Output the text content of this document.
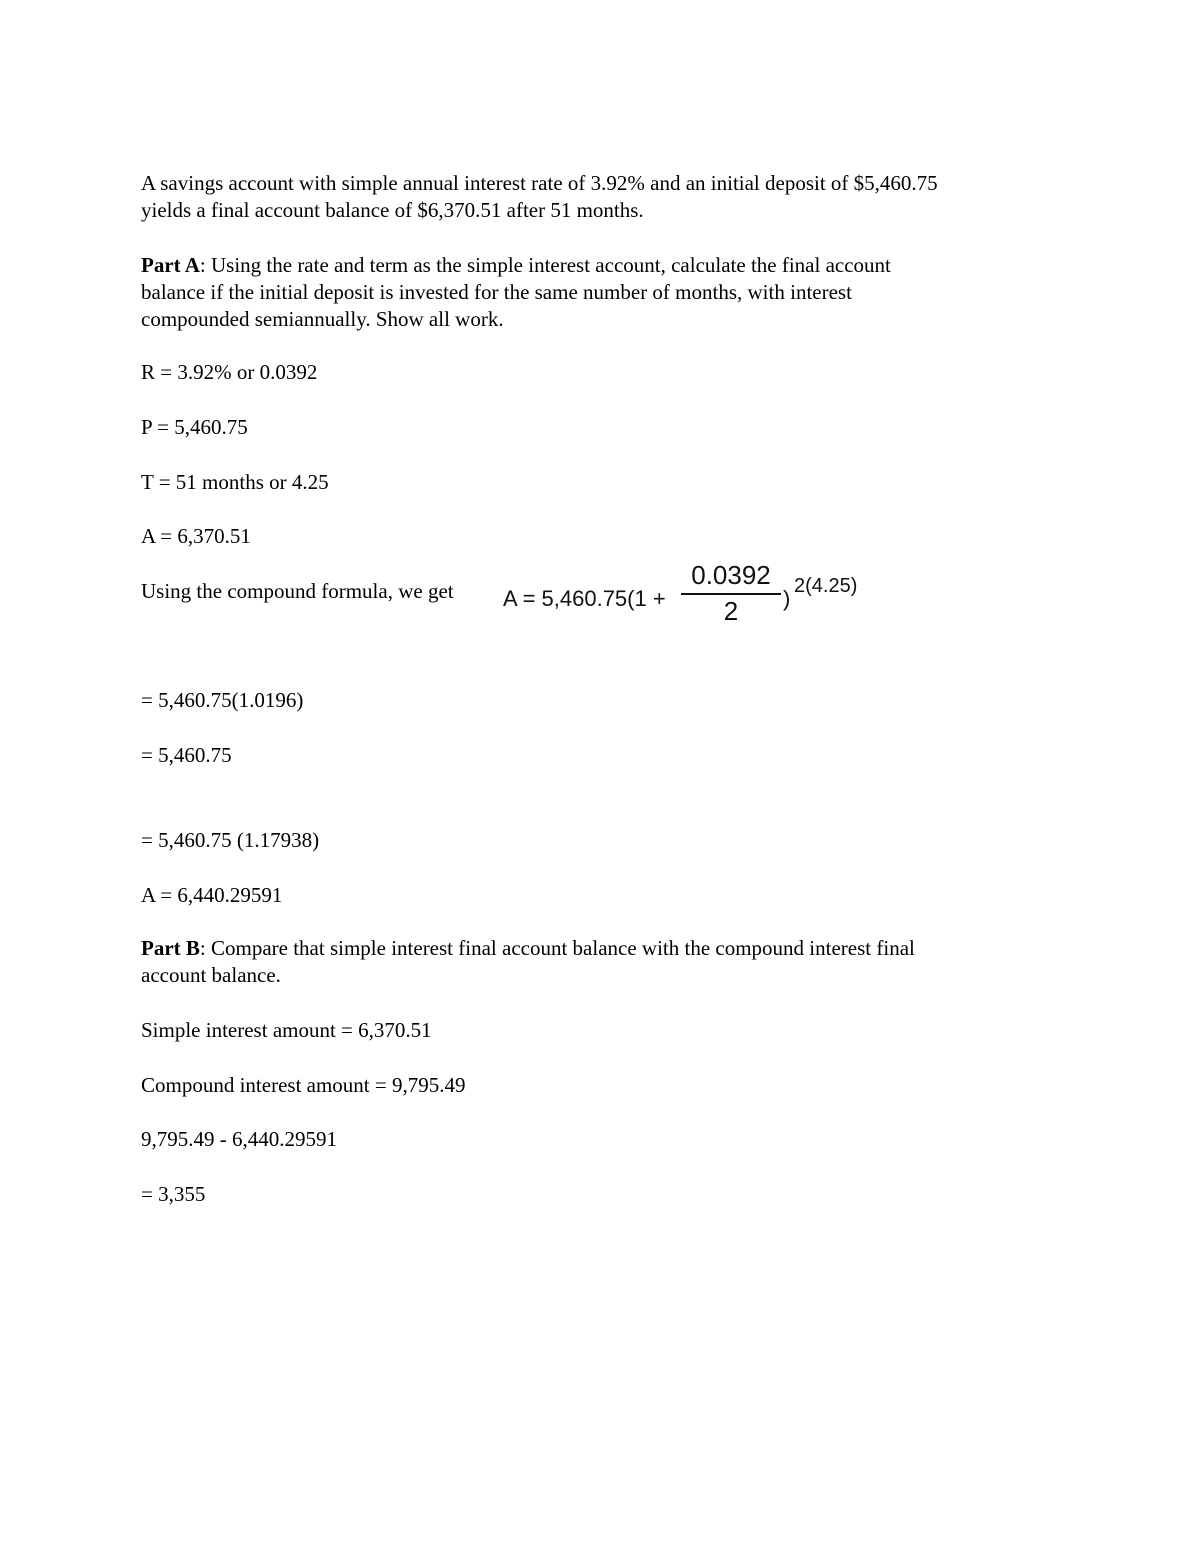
A savings account with simple annual interest rate of 3.92% and an initial deposit of $5,460.75
yields a final account balance of $6,370.51 after 51 months.
Part A: Using the rate and term as the simple interest account, calculate the final account
balance if the initial deposit is invested for the same number of months, with interest
compounded semiannually. Show all work.
R = 3.92% or 0.0392
P = 5,460.75
T = 51 months or 4.25
A = 6,370.51
Using the compound formula, we get	A = 5,460.75(1 +
0.0392
2	) 2(4.25)
= 5,460.75(1.0196)
= 5,460.75
= 5,460.75 (1.17938)
A = 6,440.29591
Part B: Compare that simple interest final account balance with the compound interest final
account balance.
Simple interest amount = 6,370.51
Compound interest amount = 9,795.49
9,795.49 - 6,440.29591
= 3,355
